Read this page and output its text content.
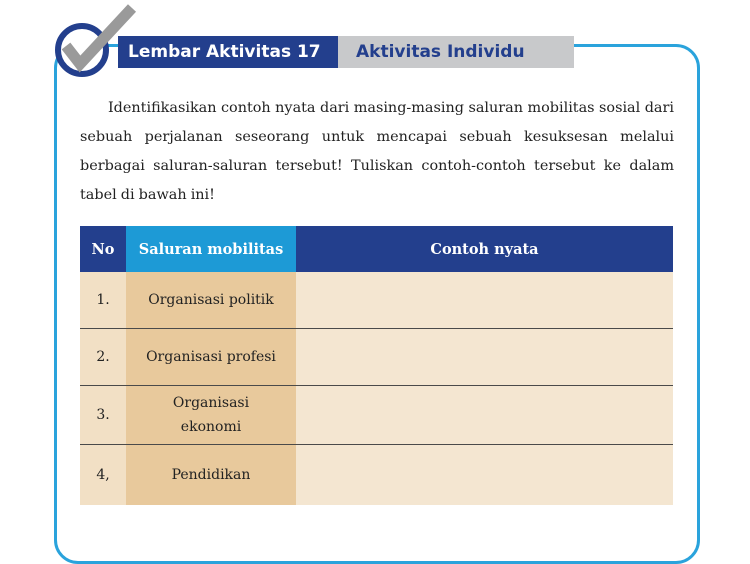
Lembar Aktivitas 17	Aktivitas Individu

Identifikasikan contoh nyata dari masing-masing saluran mobilitas sosial dari sebuah perjalanan seseorang untuk mencapai sebuah kesuksesan melalui berbagai saluran-saluran tersebut! Tuliskan contoh-contoh tersebut ke dalam tabel di bawah ini!

No	Saluran mobilitas	Contoh nyata
1.	Organisasi politik	
2.	Organisasi profesi	
3.	Organisasi ekonomi	
4,	Pendidikan	
